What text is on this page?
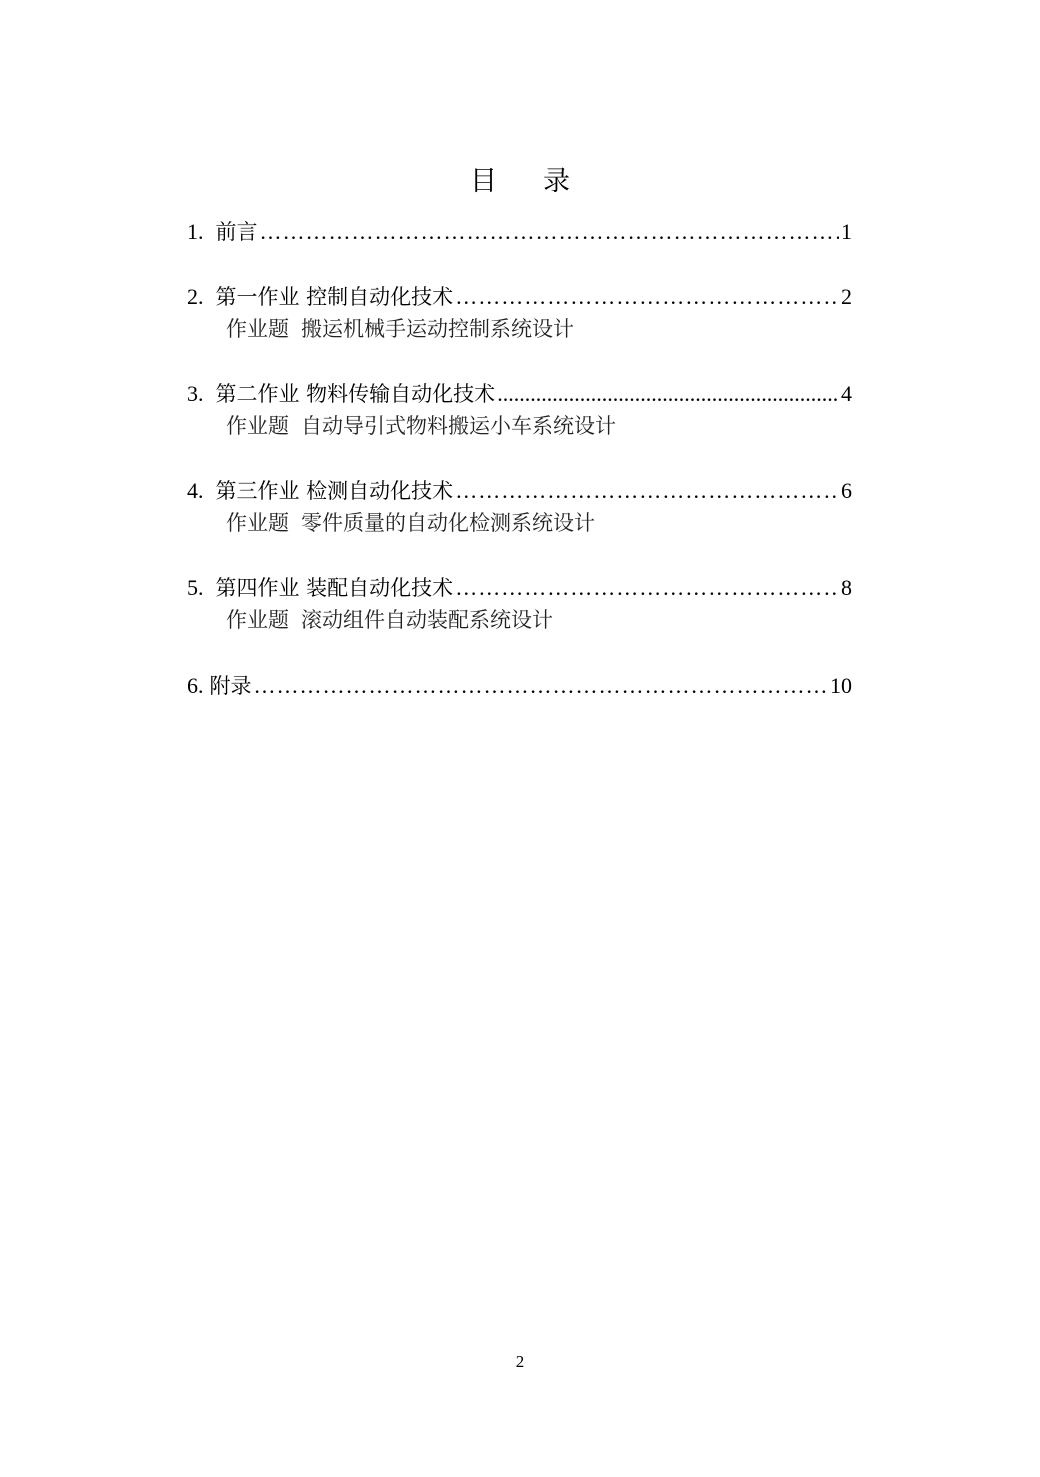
目录
1. 前言 ………………………………………………………………………………………………………………………………………………………………………………………………………………	1
2. 第一作业 控制自动化技术 ………………………………………………………………………………………………………………………………………………………………………………………………………………	2
作业题 搬运机械手运动控制系统设计
3. 第二作业 物料传输自动化技术 .....	4
作业题 自动导引式物料搬运小车系统设计
4. 第三作业 检测自动化技术 ………………………………………………………………………………………………………………………………………………………………………………………………………………	6
作业题 零件质量的自动化检测系统设计
5. 第四作业 装配自动化技术 ………………………………………………………………………………………………………………………………………………………………………………………………………………	8
作业题 滚动组件自动装配系统设计
6. 附录 ………………………………………………………………………………………………………………………………………………………………………………………………………………	10
2
